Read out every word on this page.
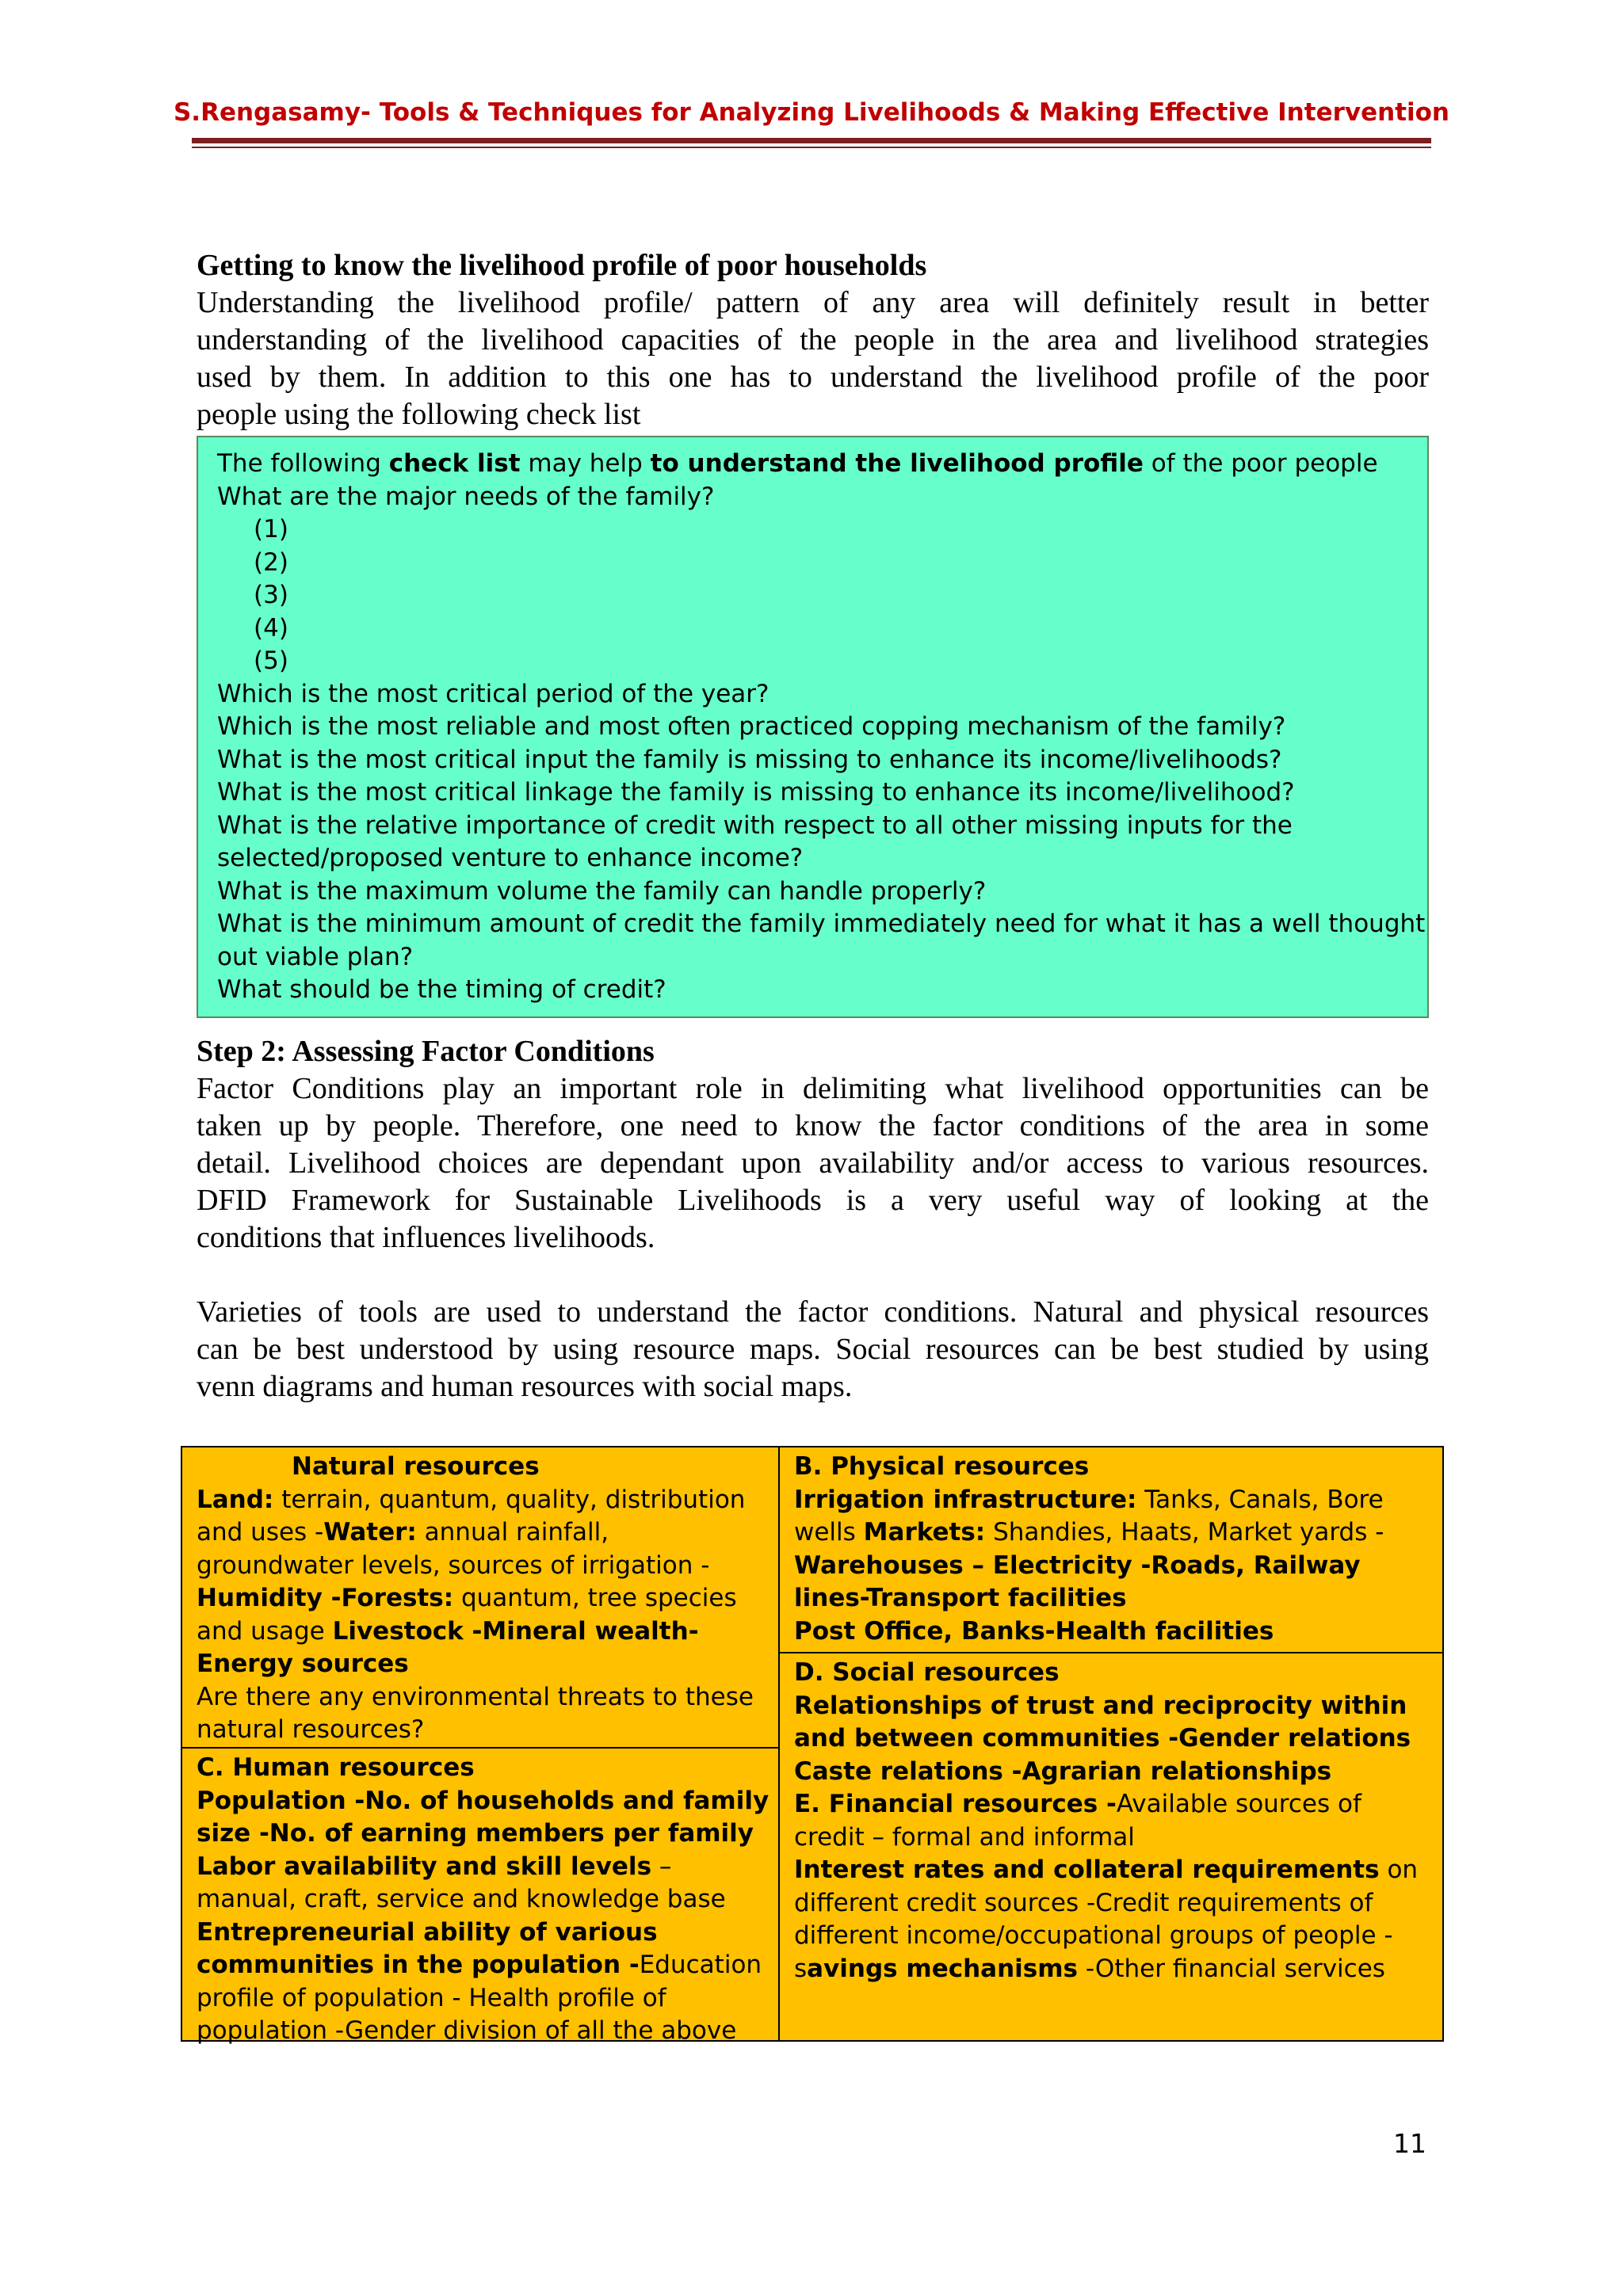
S.Rengasamy- Tools & Techniques for Analyzing Livelihoods & Making Effective Intervention
Getting to know the livelihood profile of poor households
Understanding the livelihood profile/ pattern of any area will definitely result in better
understanding of the livelihood capacities of the people in the area and livelihood strategies
used by them. In addition to this one has to understand the livelihood profile of the poor
people using the following check list
The following check list may help to understand the livelihood profile of the poor people
What are the major needs of the family?
(1)
(2)
(3)
(4)
(5)
Which is the most critical period of the year?
Which is the most reliable and most often practiced copping mechanism of the family?
What is the most critical input the family is missing to enhance its income/livelihoods?
What is the most critical linkage the family is missing to enhance its income/livelihood?
What is the relative importance of credit with respect to all other missing inputs for the
selected/proposed venture to enhance income?
What is the maximum volume the family can handle properly?
What is the minimum amount of credit the family immediately need for what it has a well thought
out viable plan?
What should be the timing of credit?
Step 2: Assessing Factor Conditions
Factor Conditions play an important role in delimiting what livelihood opportunities can be
taken up by people. Therefore, one need to know the factor conditions of the area in some
detail. Livelihood choices are dependant upon availability and/or access to various resources.
DFID Framework for Sustainable Livelihoods is a very useful way of looking at the
conditions that influences livelihoods.
Varieties of tools are used to understand the factor conditions. Natural and physical resources
can be best understood by using resource maps. Social resources can be best studied by using
venn diagrams and human resources with social maps.
Natural resources
Land: terrain, quantum, quality, distribution and uses -Water: annual rainfall, groundwater levels, sources of irrigation - Humidity -Forests: quantum, tree species and usage Livestock -Mineral wealth-Energy sources
Are there any environmental threats to these natural resources?
B. Physical resources
Irrigation infrastructure: Tanks, Canals, Bore wells Markets: Shandies, Haats, Market yards - Warehouses – Electricity -Roads, Railway lines-Transport facilities
Post Office, Banks-Health facilities
C. Human resources
Population -No. of households and family size -No. of earning members per family Labor availability and skill levels – manual, craft, service and knowledge base Entrepreneurial ability of various communities in the population -Education profile of population - Health profile of population -Gender division of all the above
D. Social resources
Relationships of trust and reciprocity within and between communities -Gender relations Caste relations -Agrarian relationships
E. Financial resources -Available sources of credit – formal and informal
Interest rates and collateral requirements on different credit sources -Credit requirements of different income/occupational groups of people -savings mechanisms -Other financial services
11
